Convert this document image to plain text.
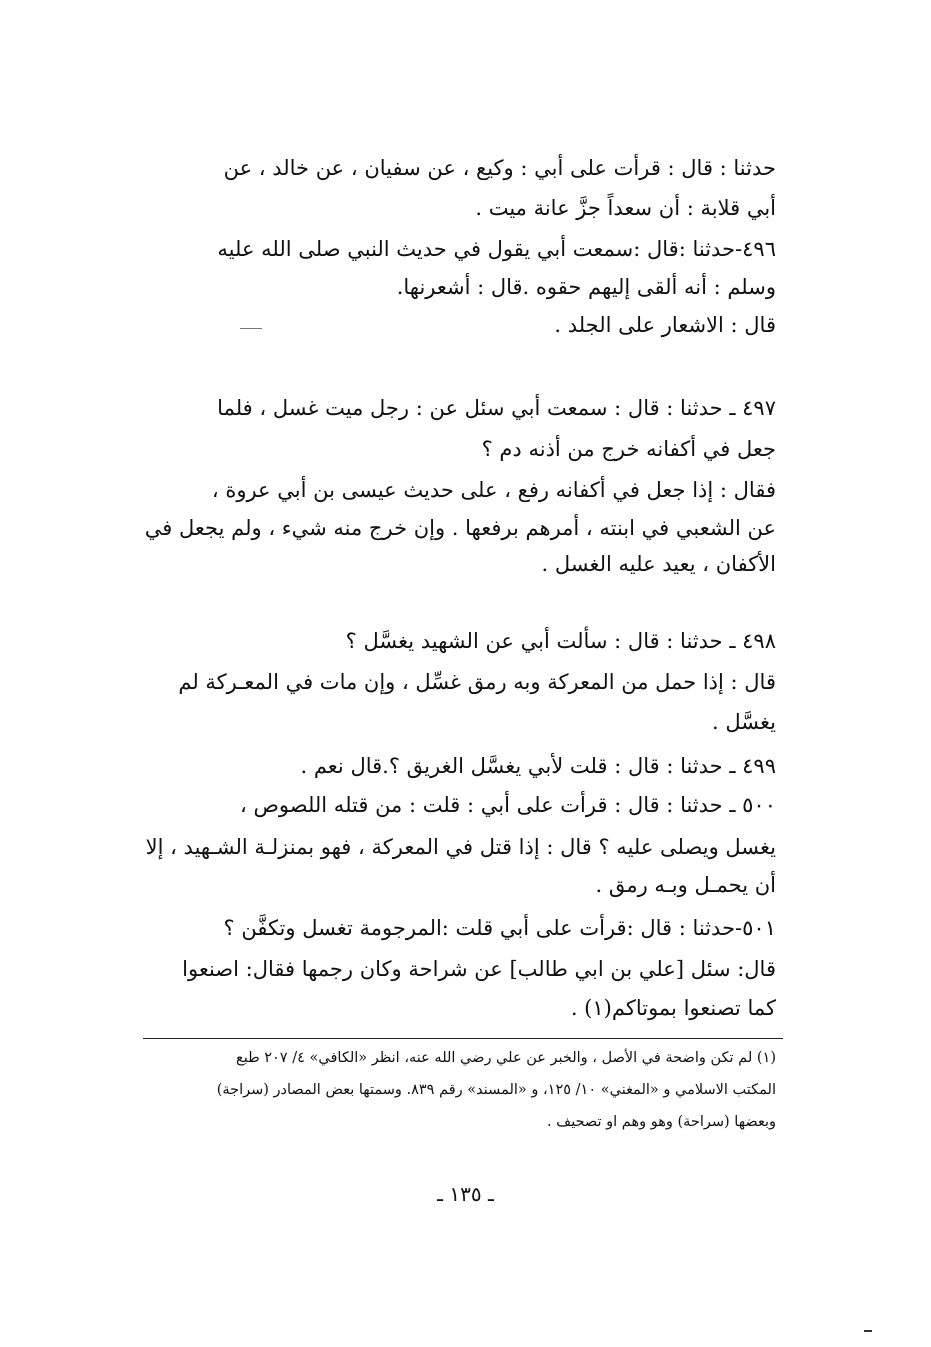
حدثنا : قال : قرأت على أبي : وكيع ، عن سفيان ، عن خالد ، عن
أبي قلابة : أن سعداً جزَّ عانة ميت .
٤٩٦-حدثنا :قال :سمعت أبي يقول في حديث النبي صلى الله عليه
وسلم : أنه ألقى إليهم حقوه .قال : أشعرنها.
قال : الاشعار على الجلد .
٤٩٧ ـ حدثنا : قال : سمعت أبي سئل عن : رجل ميت غسل ، فلما
جعل في أكفانه خرج من أذنه دم ؟
فقال : إذا جعل في أكفانه رفع ، على حديث عيسى بن أبي عروة ،
عن الشعبي في ابنته ، أمرهم برفعها . وإن خرج منه شيء ، ولم يجعل في
الأكفان ، يعيد عليه الغسل .
٤٩٨ ـ حدثنا : قال : سألت أبي عن الشهيد يغسَّل ؟
قال : إذا حمل من المعركة وبه رمق غسِّل ، وإن مات في المعـركة لم
يغسَّل .
٤٩٩ ـ حدثنا : قال : قلت لأبي يغسَّل الغريق ؟.قال نعم .
٥٠٠ ـ حدثنا : قال : قرأت على أبي : قلت : من قتله اللصوص ،
يغسل ويصلى عليه ؟ قال : إذا قتل في المعركة ، فهو بمنزلـة الشـهيد ، إلا
أن يحمـل وبـه رمق .
٥٠١-حدثنا : قال :قرأت على أبي قلت :المرجومة تغسل وتكفَّن ؟
قال: سئل [علي بن ابي طالب] عن شراحة وكان رجمها فقال: اصنعوا
كما تصنعوا بموتاكم(١) .
(١) لم تكن واضحة في الأصل ، والخبر عن علي رضي الله عنه، انظر «الكافي» ٤/ ٢٠٧ طبع
المكتب الاسلامي و «المغني» ١٠/ ١٢٥، و «المسند» رقم ٨٣٩. وسمتها بعض المصادر (سراجة)
وبعضها (سراحة) وهو وهم او تصحيف .
ـ ١٣٥ ـ
